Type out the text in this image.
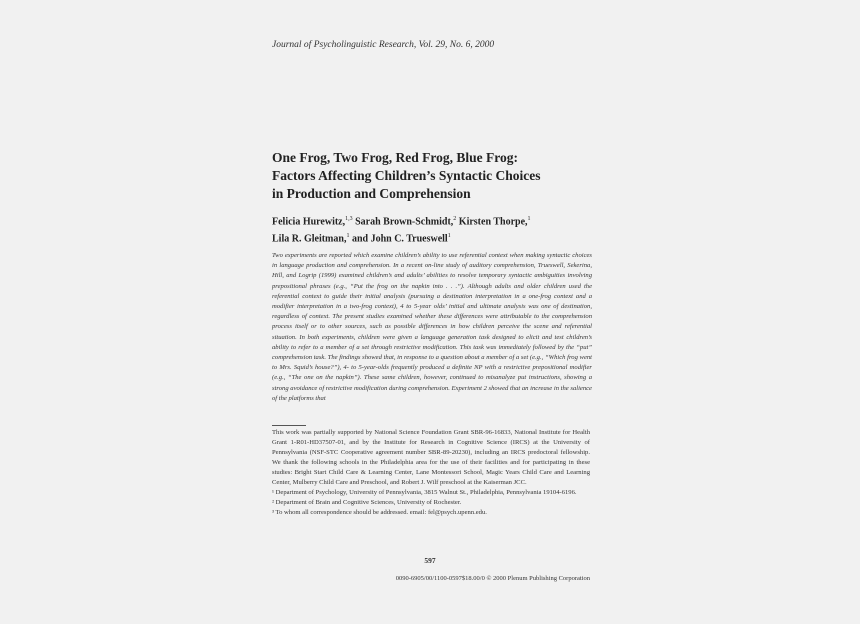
Journal of Psycholinguistic Research, Vol. 29, No. 6, 2000
One Frog, Two Frog, Red Frog, Blue Frog:
Factors Affecting Children’s Syntactic Choices
in Production and Comprehension
Felicia Hurewitz,$^{1,3}$ Sarah Brown-Schmidt,$^2$ Kirsten Thorpe,$^1$
Lila R. Gleitman,$^1$ and John C. Trueswell$^1$
Two experiments are reported which examine children’s ability to use referential context when making syntactic choices in language production and comprehension. In a recent on-line study of auditory comprehension, Trueswell, Sekerina, Hill, and Logrip (1999) examined children’s and adults’ abilities to resolve temporary syntactic ambiguities involving prepositional phrases (e.g., “Put the frog on the napkin into . . .”). Although adults and older children used the referential context to guide their initial analysis (pursuing a destination interpretation in a one-frog context and a modifier interpretation in a two-frog context), 4 to 5-year olds’ initial and ultimate analysis was one of destination, regardless of context. The present studies examined whether these differences were attributable to the comprehension process itself or to other sources, such as possible differences in how children perceive the scene and referential situation. In both experiments, children were given a language generation task designed to elicit and test children’s ability to refer to a member of a set through restrictive modification. This task was immediately followed by the “put” comprehension task. The findings showed that, in response to a question about a member of a set (e.g., “Which frog went to Mrs. Squid’s house?”), 4- to 5-year-olds frequently produced a definite NP with a restrictive prepositional modifier (e.g., “The one on the napkin”). These same children, however, continued to misanalyze put instructions, showing a strong avoidance of restrictive modification during comprehension. Experiment 2 showed that an increase in the salience of the platforms that

This work was partially supported by National Science Foundation Grant SBR-96-16833, National Institute for Health Grant 1-R01-HD37507-01, and by the Institute for Research in Cognitive Science (IRCS) at the University of Pennsylvania (NSF-STC Cooperative agreement number SBR-89-20230), including an IRCS predoctoral fellowship. We thank the following schools in the Philadelphia area for the use of their facilities and for participating in these studies: Bright Start Child Care & Learning Center, Lane Montessori School, Magic Years Child Care and Learning Center, Mulberry Child Care and Preschool, and Robert J. Wilf preschool at the Kaiserman JCC.

¹ Department of Psychology, University of Pennsylvania, 3815 Walnut St., Philadelphia, Pennsylvania 19104-6196.

² Department of Brain and Cognitive Sciences, University of Rochester.

³ To whom all correspondence should be addressed. email: fel@psych.upenn.edu.

597
0090-6905/00/1100-0597$18.00/0 © 2000 Plenum Publishing Corporation
